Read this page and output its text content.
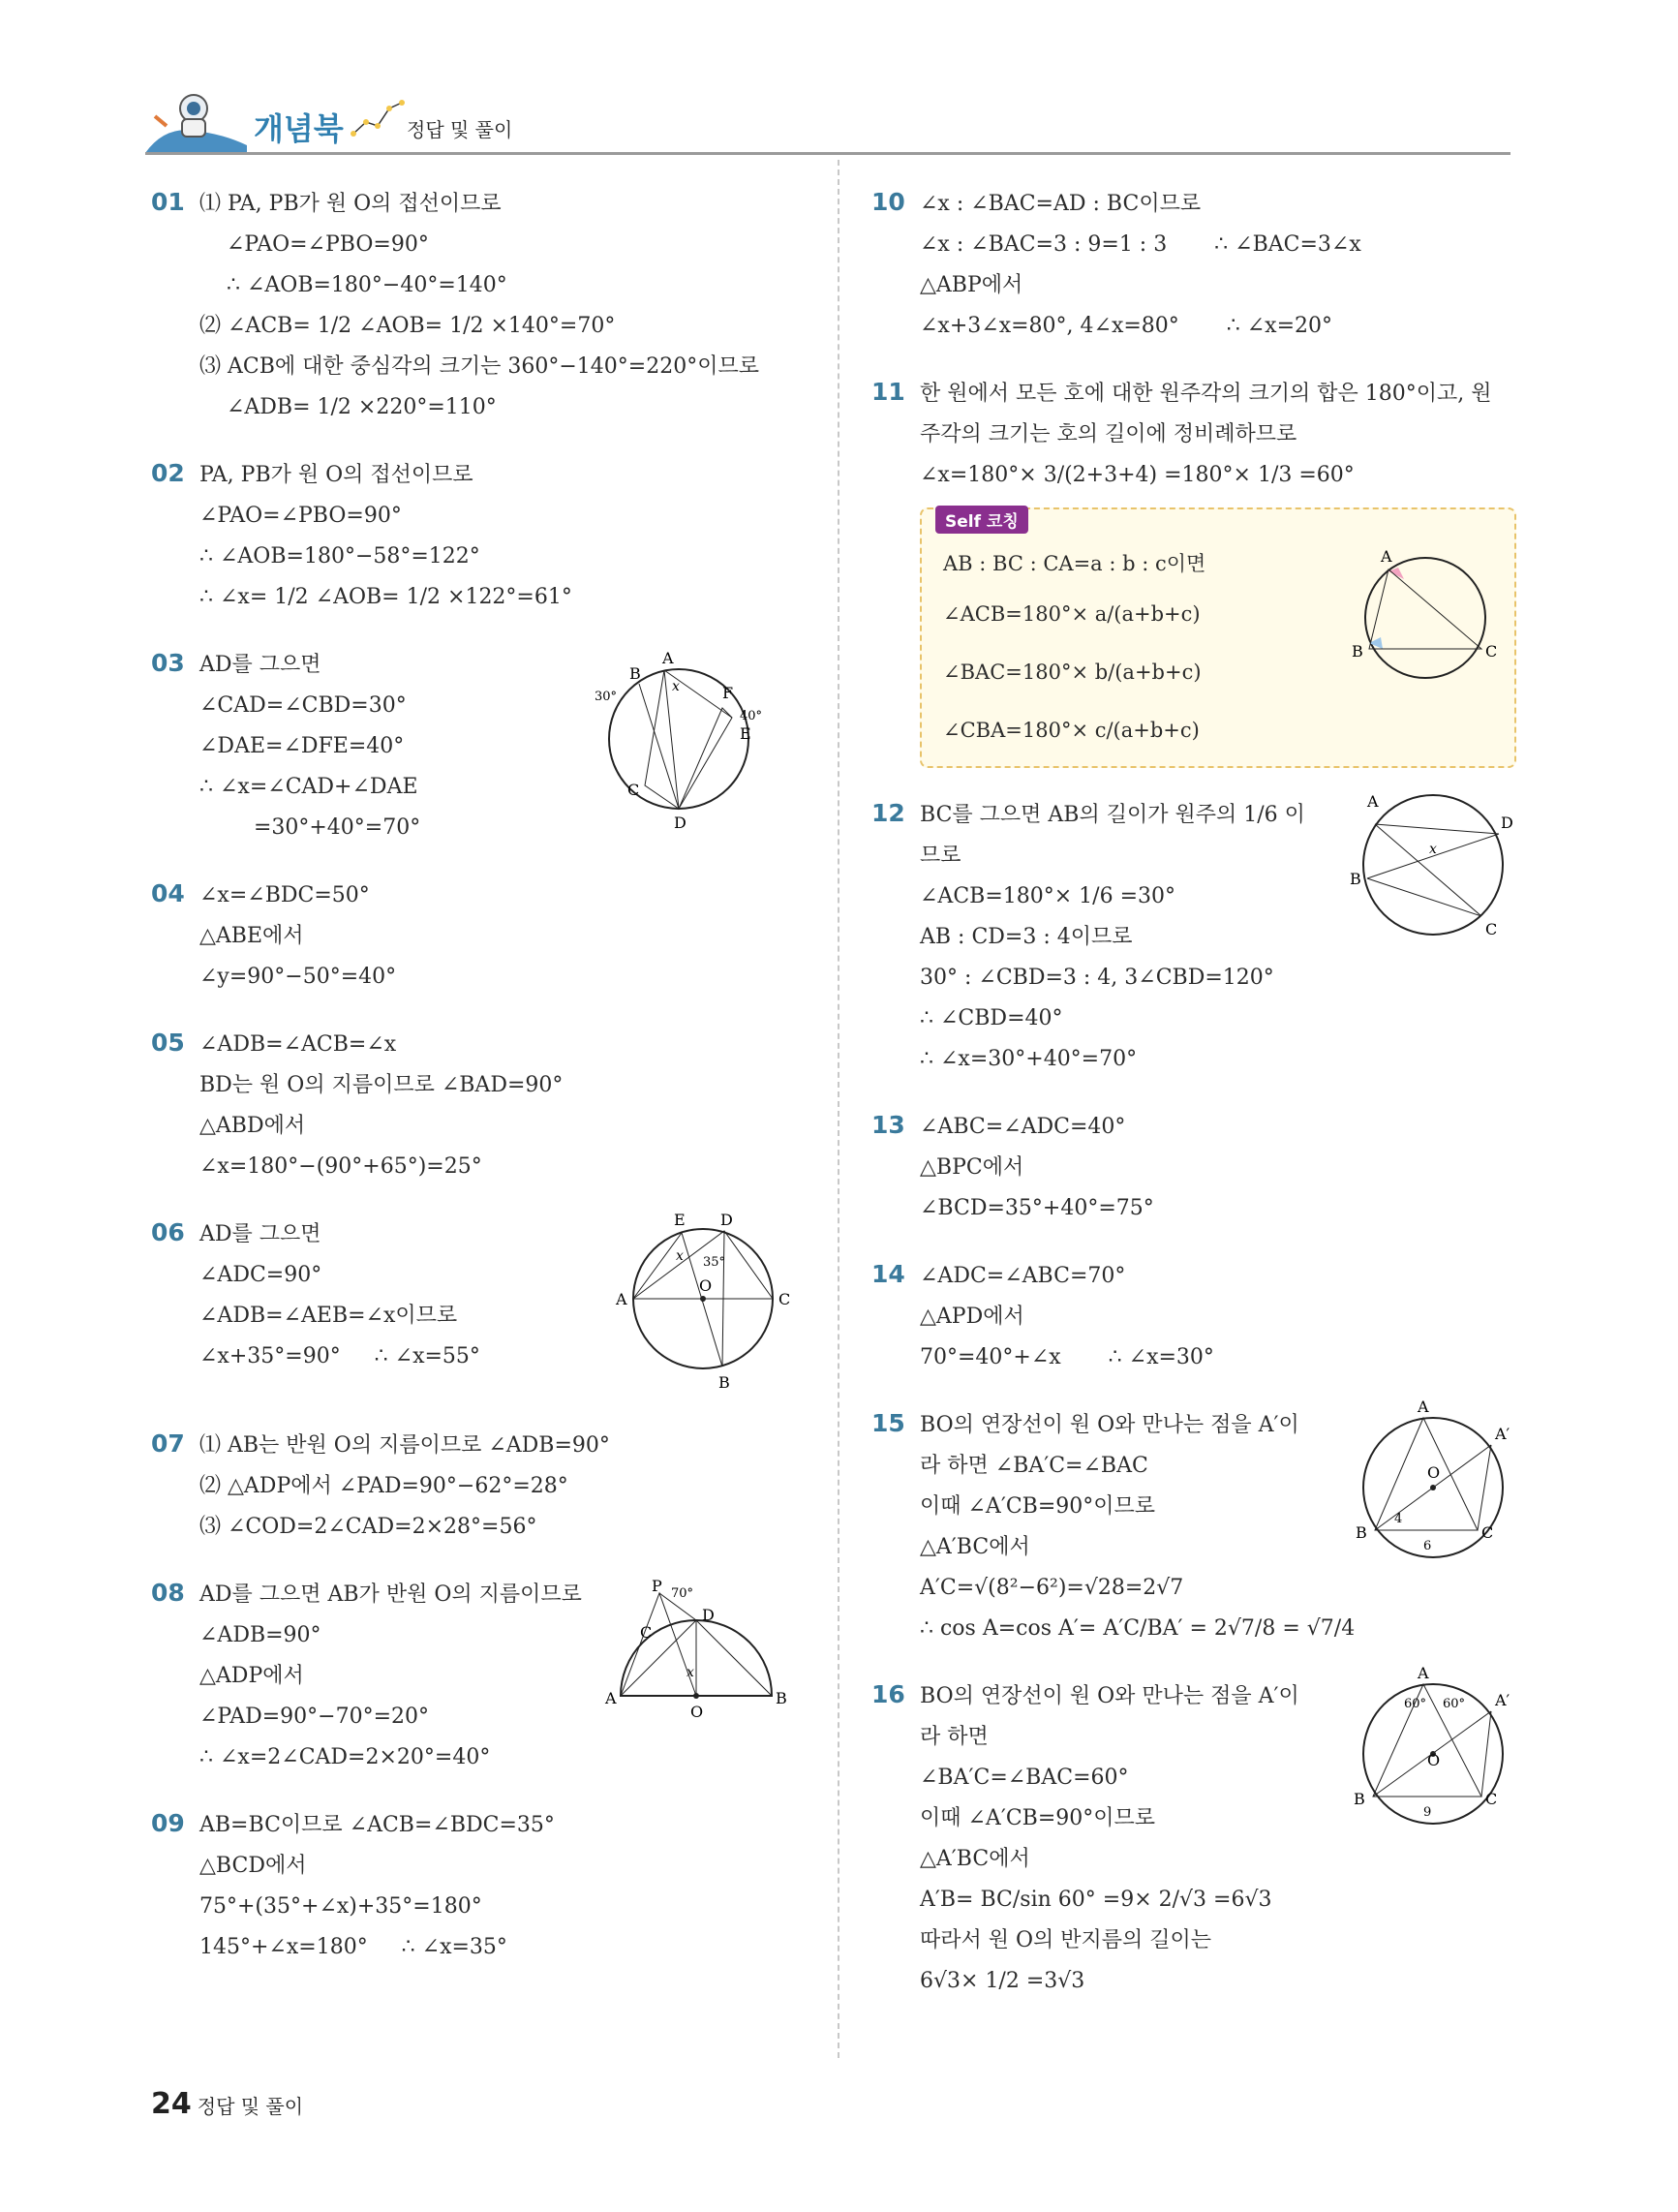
개념북	정답 및 풀이
01 ⑴ PA, PB가 원 O의 접선이므로
∠PAO=∠PBO=90°
∴ ∠AOB=180°−40°=140°
⑵ ∠ACB= 1/2 ∠AOB= 1/2 ×140°=70°
⑶ ACB에 대한 중심각의 크기는 360°−140°=220°이므로
∠ADB= 1/2 ×220°=110°
02 PA, PB가 원 O의 접선이므로
∠PAO=∠PBO=90°
∴ ∠AOB=180°−58°=122°
∴ ∠x= 1/2 ∠AOB= 1/2 ×122°=61°
03 AD를 그으면
∠CAD=∠CBD=30°
∠DAE=∠DFE=40°
∴ ∠x=∠CAD+∠DAE
=30°+40°=70°
A
B
C
D
E
F
30°
40°
x
04 ∠x=∠BDC=50°
△ABE에서
∠y=90°−50°=40°
05 ∠ADB=∠ACB=∠x
BD는 원 O의 지름이므로 ∠BAD=90°
△ABD에서
∠x=180°−(90°+65°)=25°
06 AD를 그으면
∠ADC=90°
∠ADB=∠AEB=∠x이므로
∠x+35°=90°     ∴ ∠x=55°
A
B
C
D
E
O
35°
x
07 ⑴ AB는 반원 O의 지름이므로 ∠ADB=90°
⑵ △ADP에서 ∠PAD=90°−62°=28°
⑶ ∠COD=2∠CAD=2×28°=56°
08 AD를 그으면 AB가 반원 O의 지름이므로
∠ADB=90°
△ADP에서
∠PAD=90°−70°=20°
∴ ∠x=2∠CAD=2×20°=40°
P
A	B
C
D
O
70°
x
09 AB=BC이므로 ∠ACB=∠BDC=35°
△BCD에서
75°+(35°+∠x)+35°=180°
145°+∠x=180°     ∴ ∠x=35°
10 ∠x : ∠BAC=AD : BC이므로
∠x : ∠BAC=3 : 9=1 : 3       ∴ ∠BAC=3∠x
△ABP에서
∠x+3∠x=80°, 4∠x=80°       ∴ ∠x=20°
11 한 원에서 모든 호에 대한 원주각의 크기의 합은 180°이고, 원
주각의 크기는 호의 길이에 정비례하므로
∠x=180°× 3/(2+3+4) =180°× 1/3 =60°
Self 코칭
AB : BC : CA=a : b : c이면
∠ACB=180°× a/(a+b+c)
∠BAC=180°× b/(a+b+c)
∠CBA=180°× c/(a+b+c)
A
B	C
12 BC를 그으면 AB의 길이가 원주의 1/6 이
므로
∠ACB=180°× 1/6 =30°
AB : CD=3 : 4이므로
30° : ∠CBD=3 : 4, 3∠CBD=120°
∴ ∠CBD=40°
∴ ∠x=30°+40°=70°
A
B
C
D
x
13 ∠ABC=∠ADC=40°
△BPC에서
∠BCD=35°+40°=75°
14 ∠ADC=∠ABC=70°
△APD에서
70°=40°+∠x       ∴ ∠x=30°
15 BO의 연장선이 원 O와 만나는 점을 A′이
라 하면 ∠BA′C=∠BAC
이때 ∠A′CB=90°이므로
△A′BC에서
A′C=√(8²−6²)=√28=2√7
∴ cos A=cos A′= A′C/BA′ = 2√7/8 = √7/4
A
A′
B	C
O
4
6
16 BO의 연장선이 원 O와 만나는 점을 A′이
라 하면
∠BA′C=∠BAC=60°
이때 ∠A′CB=90°이므로
△A′BC에서
A′B= BC/sin 60° =9× 2/√3 =6√3
따라서 원 O의 반지름의 길이는
6√3× 1/2 =3√3
A
A′
B	C
O
60° 60°
9
24 정답 및 풀이
